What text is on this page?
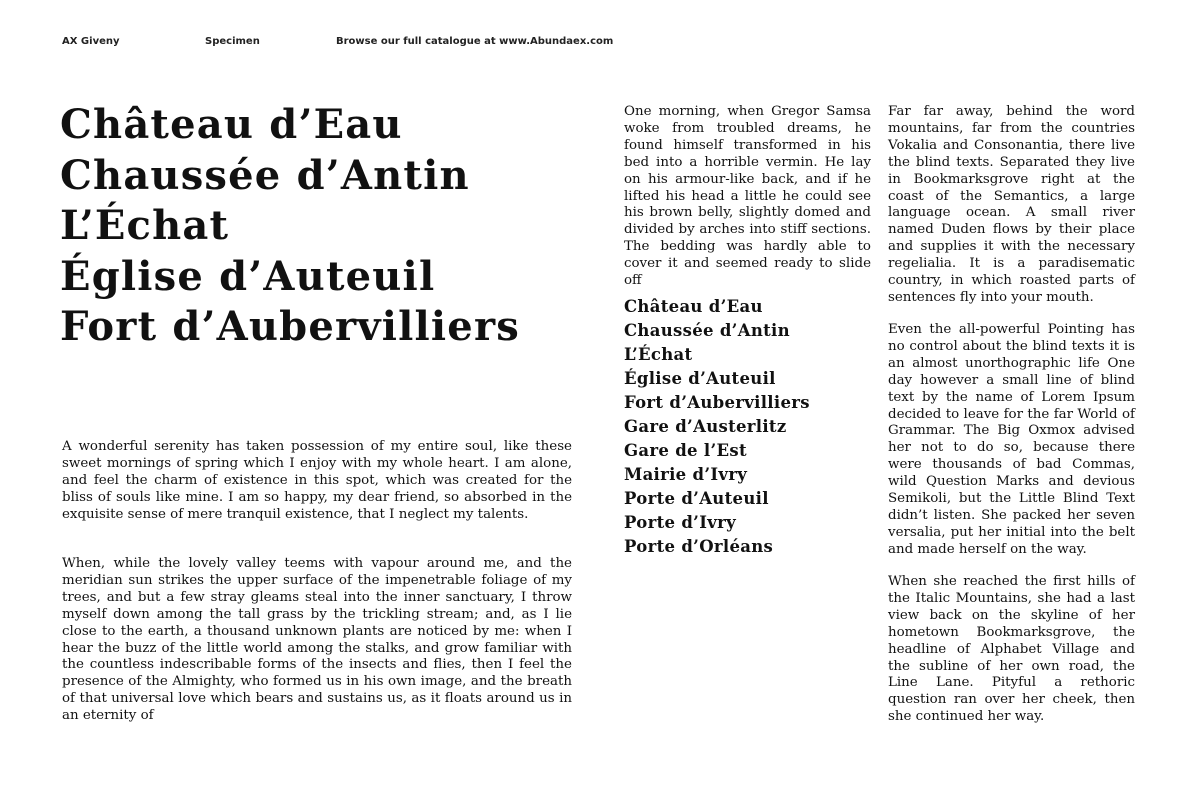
AX Giveny	Specimen	Browse our full catalogue at www.Abundaex.com
Château d’Eau
Chaussée d’Antin
L’Échat
Église d’Auteuil
Fort d’Aubervilliers

A wonderful serenity has taken possession of my entire soul, like these sweet mornings of spring which I enjoy with my whole heart. I am alone, and feel the charm of existence in this spot, which was created for the bliss of souls like mine. I am so happy, my dear friend, so absorbed in the exquisite sense of mere tranquil existence, that I neglect my talents.

When, while the lovely valley teems with vapour around me, and the meridian sun strikes the upper surface of the impenetrable foliage of my trees, and but a few stray gleams steal into the inner sanctuary, I throw myself down among the tall grass by the trickling stream; and, as I lie close to the earth, a thousand unknown plants are noticed by me: when I hear the buzz of the little world among the stalks, and grow familiar with the countless indescribable forms of the insects and flies, then I feel the presence of the Almighty, who formed us in his own image, and the breath of that universal love which bears and sustains us, as it floats around us in an eternity of

One morning, when Gregor Samsa woke from troubled dreams, he found himself transformed in his bed into a horrible vermin. He lay on his armour-like back, and if he lifted his head a little he could see his brown belly, slightly domed and divided by arches into stiff sections. The bedding was hardly able to cover it and seemed ready to slide off

Château d’Eau
Chaussée d’Antin
L’Échat
Église d’Auteuil
Fort d’Aubervilliers
Gare d’Austerlitz
Gare de l’Est
Mairie d’Ivry
Porte d’Auteuil
Porte d’Ivry
Porte d’Orléans

Far far away, behind the word mountains, far from the countries Vokalia and Consonantia, there live the blind texts. Separated they live in Bookmarksgrove right at the coast of the Semantics, a large language ocean. A small river named Duden flows by their place and supplies it with the necessary regelialia. It is a paradisematic country, in which roasted parts of sentences fly into your mouth.

Even the all-powerful Pointing has no control about the blind texts it is an almost unorthographic life One day however a small line of blind text by the name of Lorem Ipsum decided to leave for the far World of Grammar. The Big Oxmox advised her not to do so, because there were thousands of bad Commas, wild Question Marks and devious Semikoli, but the Little Blind Text didn’t listen. She packed her seven versalia, put her initial into the belt and made herself on the way.

When she reached the first hills of the Italic Mountains, she had a last view back on the skyline of her hometown Bookmarksgrove, the headline of Alphabet Village and the subline of her own road, the Line Lane. Pityful a rethoric question ran over her cheek, then she continued her way.
